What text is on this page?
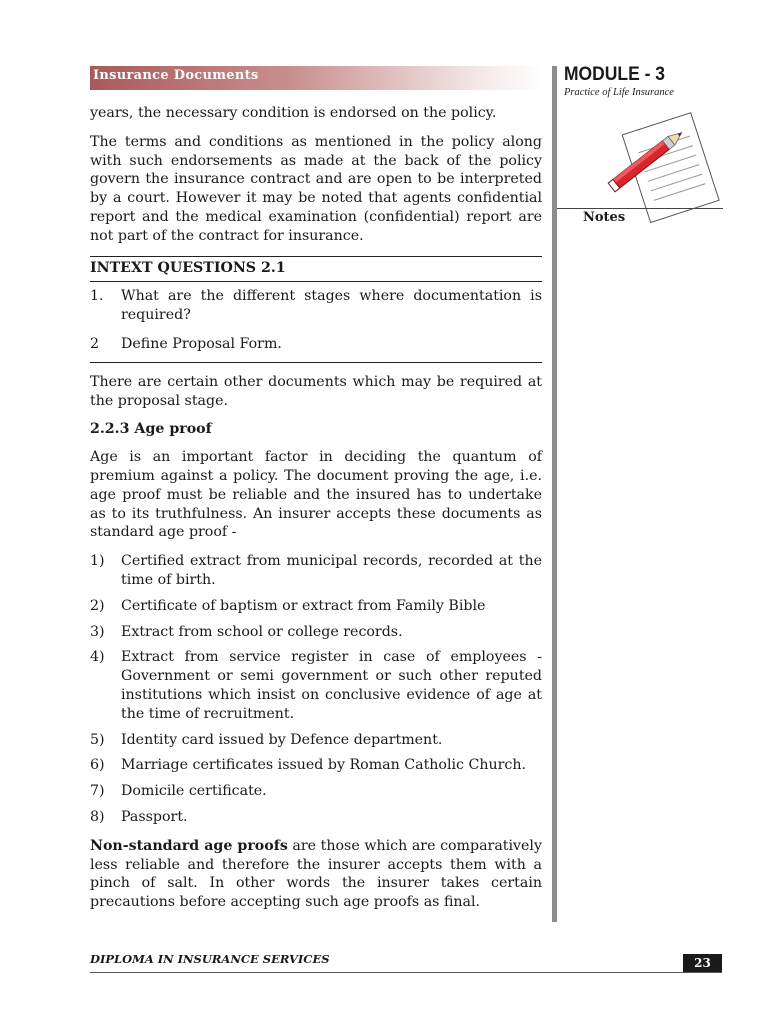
Insurance Documents	MODULE - 3
Practice of Life Insurance
Notes

years, the necessary condition is endorsed on the policy.

The terms and conditions as mentioned in the policy along with such endorsements as made at the back of the policy govern the insurance contract and are open to be interpreted by a court. However it may be noted that agents confidential report and the medical examination (confidential) report are not part of the contract for insurance.

INTEXT QUESTIONS 2.1
1.	What are the different stages where documentation is required?
2	Define Proposal Form.

There are certain other documents which may be required at the proposal stage.

2.2.3 Age proof

Age is an important factor in deciding the quantum of premium against a policy. The document proving the age, i.e. age proof must be reliable and the insured has to undertake as to its truthfulness. An insurer accepts these documents as standard age proof -

1)	Certified extract from municipal records, recorded at the time of birth.
2)	Certificate of baptism or extract from Family Bible
3)	Extract from school or college records.
4)	Extract from service register in case of employees - Government or semi government or such other reputed institutions which insist on conclusive evidence of age at the time of recruitment.
5)	Identity card issued by Defence department.
6)	Marriage certificates issued by Roman Catholic Church.
7)	Domicile certificate.
8)	Passport.

Non-standard age proofs are those which are comparatively less reliable and therefore the insurer accepts them with a pinch of salt. In other words the insurer takes certain precautions before accepting such age proofs as final.

DIPLOMA IN INSURANCE SERVICES	23
